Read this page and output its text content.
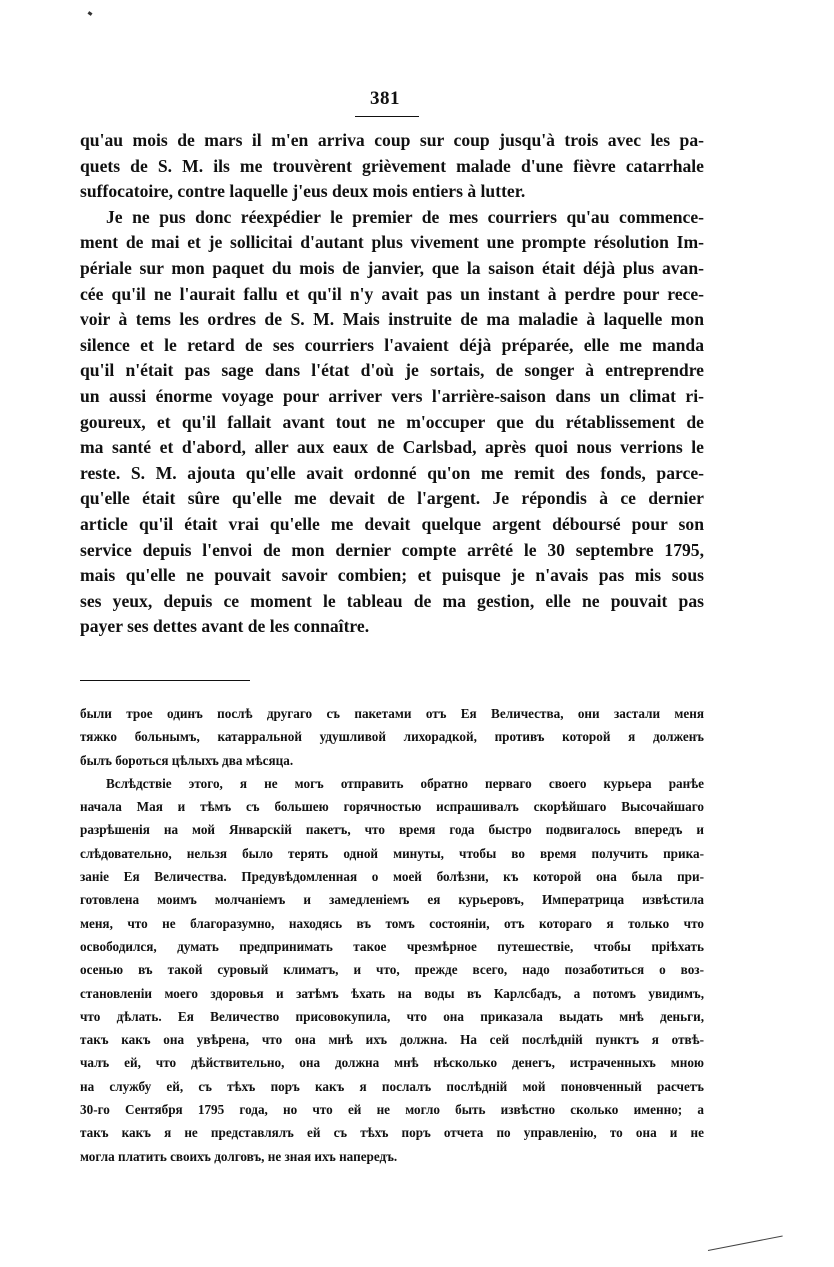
381
qu'au mois de mars il m'en arriva coup sur coup jusqu'à trois avec les pa-
quets de S. M. ils me trouvèrent grièvement malade d'une fièvre catarrhale
suffocatoire, contre laquelle j'eus deux mois entiers à lutter.
Je ne pus donc réexpédier le premier de mes courriers qu'au commence-
ment de mai et je sollicitai d'autant plus vivement une prompte résolution Im-
périale sur mon paquet du mois de janvier, que la saison était déjà plus avan-
cée qu'il ne l'aurait fallu et qu'il n'y avait pas un instant à perdre pour rece-
voir à tems les ordres de S. M. Mais instruite de ma maladie à laquelle mon
silence et le retard de ses courriers l'avaient déjà préparée, elle me manda
qu'il n'était pas sage dans l'état d'où je sortais, de songer à entreprendre
un aussi énorme voyage pour arriver vers l'arrière-saison dans un climat ri-
goureux, et qu'il fallait avant tout ne m'occuper que du rétablissement de
ma santé et d'abord, aller aux eaux de Carlsbad, après quoi nous verrions le
reste. S. M. ajouta qu'elle avait ordonné qu'on me remit des fonds, parce-
qu'elle était sûre qu'elle me devait de l'argent. Je répondis à ce dernier
article qu'il était vrai qu'elle me devait quelque argent déboursé pour son
service depuis l'envoi de mon dernier compte arrêté le 30 septembre 1795,
mais qu'elle ne pouvait savoir combien; et puisque je n'avais pas mis sous
ses yeux, depuis ce moment le tableau de ma gestion, elle ne pouvait pas
payer ses dettes avant de les connaître.
были трое одинъ послѣ другаго съ пакетами отъ Ея Величества, они застали меня
тяжко больнымъ, катарральной удушливой лихорадкой, противъ которой я долженъ
былъ бороться цѣлыхъ два мѣсяца.
Вслѣдствіе этого, я не могъ отправить обратно перваго своего курьера ранѣе
начала Мая и тѣмъ съ большею горячностью испрашивалъ скорѣйшаго Высочайшаго
разрѣшенія на мой Январскій пакетъ, что время года быстро подвигалось впередъ и
слѣдовательно, нельзя было терять одной минуты, чтобы во время получить прика-
заніе Ея Величества. Предувѣдомленная о моей болѣзни, къ которой она была при-
готовлена моимъ молчаніемъ и замедленіемъ ея курьеровъ, Императрица извѣстила
меня, что не благоразумно, находясь въ томъ состояніи, отъ котораго я только что
освободился, думать предпринимать такое чрезмѣрное путешествіе, чтобы пріѣхать
осенью въ такой суровый климатъ, и что, прежде всего, надо позаботиться о воз-
становленіи моего здоровья и затѣмъ ѣхать на воды въ Карлсбадъ, а потомъ увидимъ,
что дѣлать. Ея Величество присовокупила, что она приказала выдать мнѣ деньги,
такъ какъ она увѣрена, что она мнѣ ихъ должна. На сей послѣдній пунктъ я отвѣ-
чалъ ей, что дѣйствительно, она должна мнѣ нѣсколько денегъ, истраченныхъ мною
на службу ей, съ тѣхъ поръ какъ я послалъ послѣдній мой поновченный расчетъ
30-го Сентября 1795 года, но что ей не могло быть извѣстно сколько именно; а
такъ какъ я не представлялъ ей съ тѣхъ поръ отчета по управленію, то она и не
могла платить своихъ долговъ, не зная ихъ напередъ.
